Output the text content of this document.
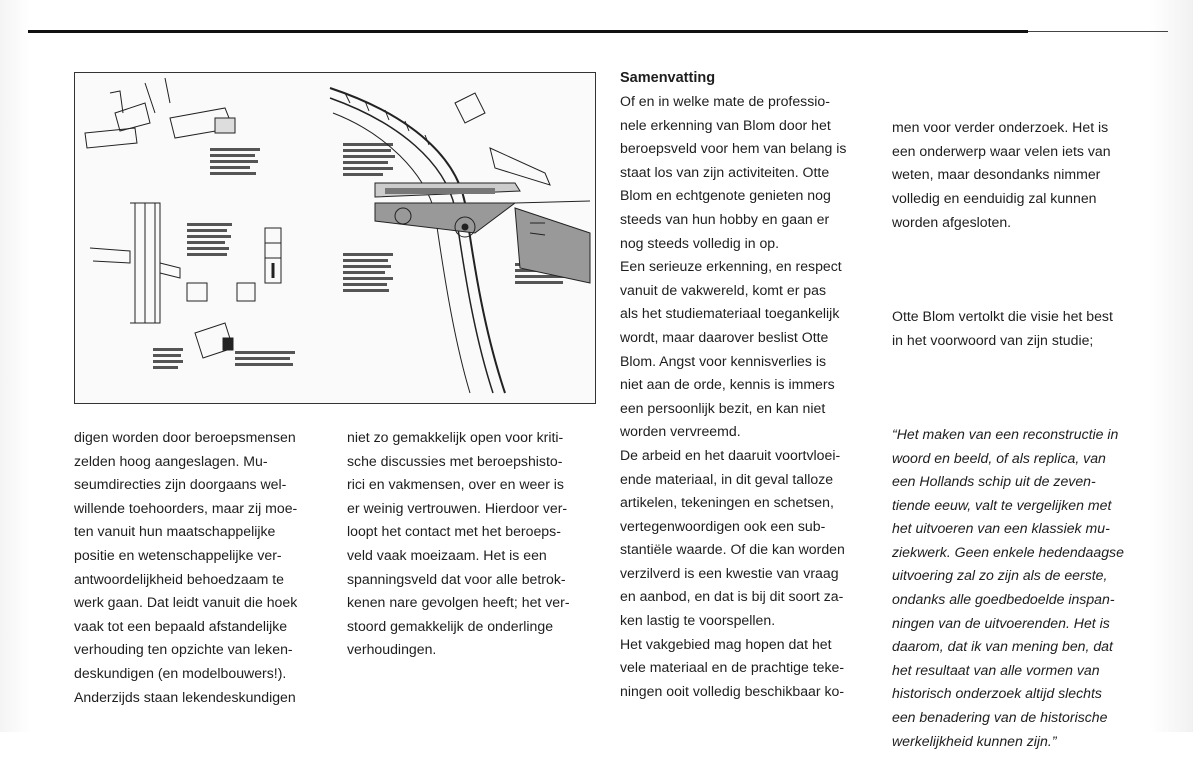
Samenvatting
digen worden door beroepsmensen
zelden hoog aangeslagen. Mu-
seumdirecties zijn doorgaans wel-
willende toehoorders, maar zij moe-
ten vanuit hun maatschappelijke
positie en wetenschappelijke ver-
antwoordelijkheid behoedzaam te
werk gaan. Dat leidt vanuit die hoek
vaak tot een bepaald afstandelijke
verhouding ten opzichte van leken-
deskundigen (en modelbouwers!).
Anderzijds staan lekendeskundigen
niet zo gemakkelijk open voor kriti-
sche discussies met beroepshisto-
rici en vakmensen, over en weer is
er weinig vertrouwen. Hierdoor ver-
loopt het contact met het beroeps-
veld vaak moeizaam. Het is een
spanningsveld dat voor alle betrok-
kenen nare gevolgen heeft; het ver-
stoord gemakkelijk de onderlinge
verhoudingen.
Of en in welke mate de professio-
nele erkenning van Blom door het
beroepsveld voor hem van belang is
staat los van zijn activiteiten. Otte
Blom en echtgenote genieten nog
steeds van hun hobby en gaan er
nog steeds volledig in op.
Een serieuze erkenning, en respect
vanuit de vakwereld, komt er pas
als het studiemateriaal toegankelijk
wordt, maar daarover beslist Otte
Blom. Angst voor kennisverlies is
niet aan de orde, kennis is immers
een persoonlijk bezit, en kan niet
worden vervreemd.
De arbeid en het daaruit voortvloei-
ende materiaal, in dit geval talloze
artikelen, tekeningen en schetsen,
vertegenwoordigen ook een sub-
stantiële waarde. Of die kan worden
verzilverd is een kwestie van vraag
en aanbod, en dat is bij dit soort za-
ken lastig te voorspellen.
Het vakgebied mag hopen dat het
vele materiaal en de prachtige teke-
ningen ooit volledig beschikbaar ko-

men voor verder onderzoek. Het is
een onderwerp waar velen iets van
weten, maar desondanks nimmer
volledig en eenduidig zal kunnen
worden afgesloten.

Otte Blom vertolkt die visie het best
in het voorwoord van zijn studie;

“Het maken van een reconstructie in
woord en beeld, of als replica, van
een Hollands schip uit de zeven-
tiende eeuw, valt te vergelijken met
het uitvoeren van een klassiek mu-
ziekwerk. Geen enkele hedendaagse
uitvoering zal zo zijn als de eerste,
ondanks alle goedbedoelde inspan-
ningen van de uitvoerenden. Het is
daarom, dat ik van mening ben, dat
het resultaat van alle vormen van
historisch onderzoek altijd slechts
een benadering van de historische
werkelijkheid kunnen zijn.”
